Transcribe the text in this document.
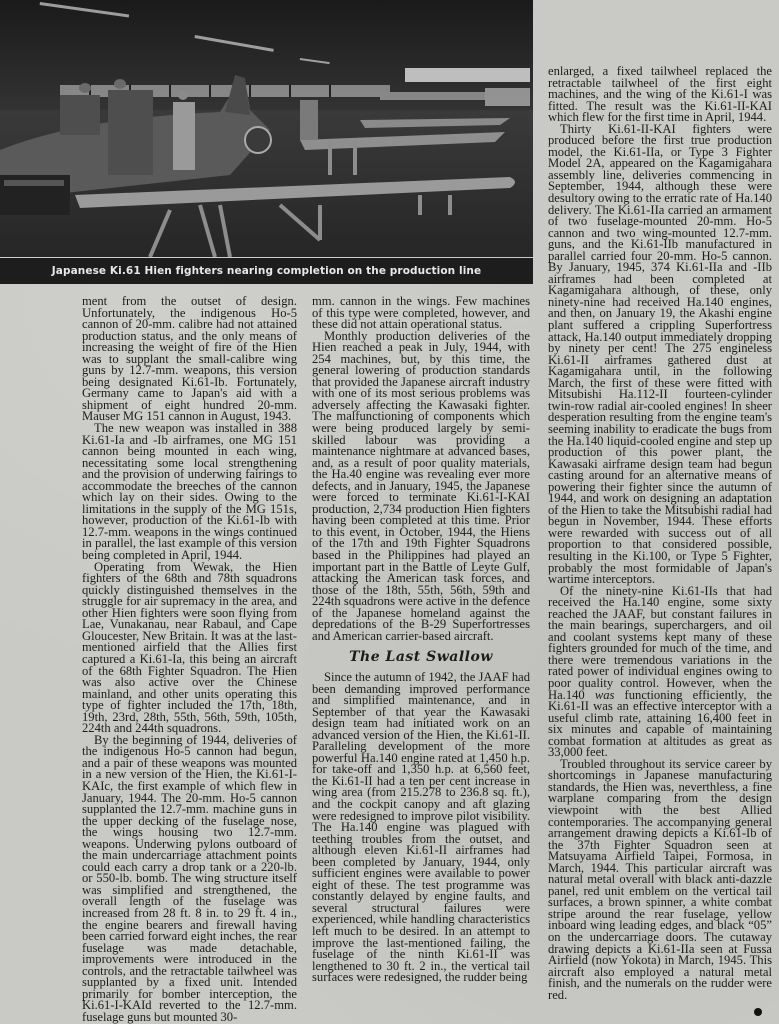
Japanese Ki.61 Hien fighters nearing completion on the production line

ment from the outset of design. Unfortunately, the indigenous Ho-5 cannon of 20-mm. calibre had not attained production status, and the only means of increasing the weight of fire of the Hien was to supplant the small-calibre wing guns by 12.7-mm. weapons, this version being designated Ki.61-Ib. Fortunately, Germany came to Japan's aid with a shipment of eight hundred 20-mm. Mauser MG 151 cannon in August, 1943.

The new weapon was installed in 388 Ki.61-Ia and -Ib airframes, one MG 151 cannon being mounted in each wing, necessitating some local strengthening and the provision of underwing fairings to accommodate the breeches of the cannon which lay on their sides. Owing to the limitations in the supply of the MG 151s, however, production of the Ki.61-Ib with 12.7-mm. weapons in the wings continued in parallel, the last example of this version being completed in April, 1944.

Operating from Wewak, the Hien fighters of the 68th and 78th squadrons quickly distinguished themselves in the struggle for air supremacy in the area, and other Hien fighters were soon flying from Lae, Vunakanau, near Rabaul, and Cape Gloucester, New Britain. It was at the last-mentioned airfield that the Allies first captured a Ki.61-Ia, this being an aircraft of the 68th Fighter Squadron. The Hien was also active over the Chinese mainland, and other units operating this type of fighter included the 17th, 18th, 19th, 23rd, 28th, 55th, 56th, 59th, 105th, 224th and 244th squadrons.

By the beginning of 1944, deliveries of the indigenous Ho-5 cannon had begun, and a pair of these weapons was mounted in a new version of the Hien, the Ki.61-I-KAIc, the first example of which flew in January, 1944. The 20-mm. Ho-5 cannon supplanted the 12.7-mm. machine guns in the upper decking of the fuselage nose, the wings housing two 12.7-mm. weapons. Underwing pylons outboard of the main undercarriage attachment points could each carry a drop tank or a 220-lb. or 550-lb. bomb. The wing structure itself was simplified and strengthened, the overall length of the fuselage was increased from 28 ft. 8 in. to 29 ft. 4 in., the engine bearers and firewall having been carried forward eight inches, the rear fuselage was made detachable, improvements were introduced in the controls, and the retractable tailwheel was supplanted by a fixed unit. Intended primarily for bomber interception, the Ki.61-I-KAId reverted to the 12.7-mm. fuselage guns but mounted 30-

mm. cannon in the wings. Few machines of this type were completed, however, and these did not attain operational status.

Monthly production deliveries of the Hien reached a peak in July, 1944, with 254 machines, but, by this time, the general lowering of production standards that provided the Japanese aircraft industry with one of its most serious problems was adversely affecting the Kawasaki fighter. The malfunctioning of components which were being produced largely by semi-skilled labour was providing a maintenance nightmare at advanced bases, and, as a result of poor quality materials, the Ha.40 engine was revealing ever more defects, and in January, 1945, the Japanese were forced to terminate Ki.61-I-KAI production, 2,734 production Hien fighters having been completed at this time. Prior to this event, in October, 1944, the Hiens of the 17th and 19th Fighter Squadrons based in the Philippines had played an important part in the Battle of Leyte Gulf, attacking the American task forces, and those of the 18th, 55th, 56th, 59th and 224th squadrons were active in the defence of the Japanese homeland against the depredations of the B-29 Superfortresses and American carrier-based aircraft.

The Last Swallow

Since the autumn of 1942, the JAAF had been demanding improved performance and simplified maintenance, and in September of that year the Kawasaki design team had initiated work on an advanced version of the Hien, the Ki.61-II. Paralleling development of the more powerful Ha.140 engine rated at 1,450 h.p. for take-off and 1,350 h.p. at 6,560 feet, the Ki.61-II had a ten per cent increase in wing area (from 215.278 to 236.8 sq. ft.), and the cockpit canopy and aft glazing were redesigned to improve pilot visibility. The Ha.140 engine was plagued with teething troubles from the outset, and although eleven Ki.61-II airframes had been completed by January, 1944, only sufficient engines were available to power eight of these. The test programme was constantly delayed by engine faults, and several structural failures were experienced, while handling characteristics left much to be desired. In an attempt to improve the last-mentioned failing, the fuselage of the ninth Ki.61-II was lengthened to 30 ft. 2 in., the vertical tail surfaces were redesigned, the rudder being

enlarged, a fixed tailwheel replaced the retractable tailwheel of the first eight machines, and the wing of the Ki.61-I was fitted. The result was the Ki.61-II-KAI which flew for the first time in April, 1944.

Thirty Ki.61-II-KAI fighters were produced before the first true production model, the Ki.61-IIa, or Type 3 Fighter Model 2A, appeared on the Kagamigahara assembly line, deliveries commencing in September, 1944, although these were desultory owing to the erratic rate of Ha.140 delivery. The Ki.61-IIa carried an armament of two fuselage-mounted 20-mm. Ho-5 cannon and two wing-mounted 12.7-mm. guns, and the Ki.61-IIb manufactured in parallel carried four 20-mm. Ho-5 cannon. By January, 1945, 374 Ki.61-IIa and -IIb airframes had been completed at Kagamigahara although, of these, only ninety-nine had received Ha.140 engines, and then, on January 19, the Akashi engine plant suffered a crippling Superfortress attack, Ha.140 output immediately dropping by ninety per cent! The 275 engineless Ki.61-II airframes gathered dust at Kagamigahara until, in the following March, the first of these were fitted with Mitsubishi Ha.112-II fourteen-cylinder twin-row radial air-cooled engines! In sheer desperation resulting from the engine team's seeming inability to eradicate the bugs from the Ha.140 liquid-cooled engine and step up production of this power plant, the Kawasaki airframe design team had begun casting around for an alternative means of powering their fighter since the autumn of 1944, and work on designing an adaptation of the Hien to take the Mitsubishi radial had begun in November, 1944. These efforts were rewarded with success out of all proportion to that considered possible, resulting in the Ki.100, or Type 5 Fighter, probably the most formidable of Japan's wartime interceptors.

Of the ninety-nine Ki.61-IIs that had received the Ha.140 engine, some sixty reached the JAAF, but constant failures in the main bearings, superchargers, and oil and coolant systems kept many of these fighters grounded for much of the time, and there were tremendous variations in the rated power of individual engines owing to poor quality control. However, when the Ha.140 was functioning efficiently, the Ki.61-II was an effective interceptor with a useful climb rate, attaining 16,400 feet in six minutes and capable of maintaining combat formation at altitudes as great as 33,000 feet.

Troubled throughout its service career by shortcomings in Japanese manufacturing standards, the Hien was, neverthless, a fine warplane comparing from the design viewpoint with the best Allied contemporaries. The accompanying general arrangement drawing depicts a Ki.61-Ib of the 37th Fighter Squadron seen at Matsuyama Airfield Taipei, Formosa, in March, 1944. This particular aircraft was natural metal overall with black anti-dazzle panel, red unit emblem on the vertical tail surfaces, a brown spinner, a white combat stripe around the rear fuselage, yellow inboard wing leading edges, and black “05” on the undercarriage doors. The cutaway drawing depicts a Ki.61-IIa seen at Fussa Airfield (now Yokota) in March, 1945. This aircraft also employed a natural metal finish, and the numerals on the rudder were red.
